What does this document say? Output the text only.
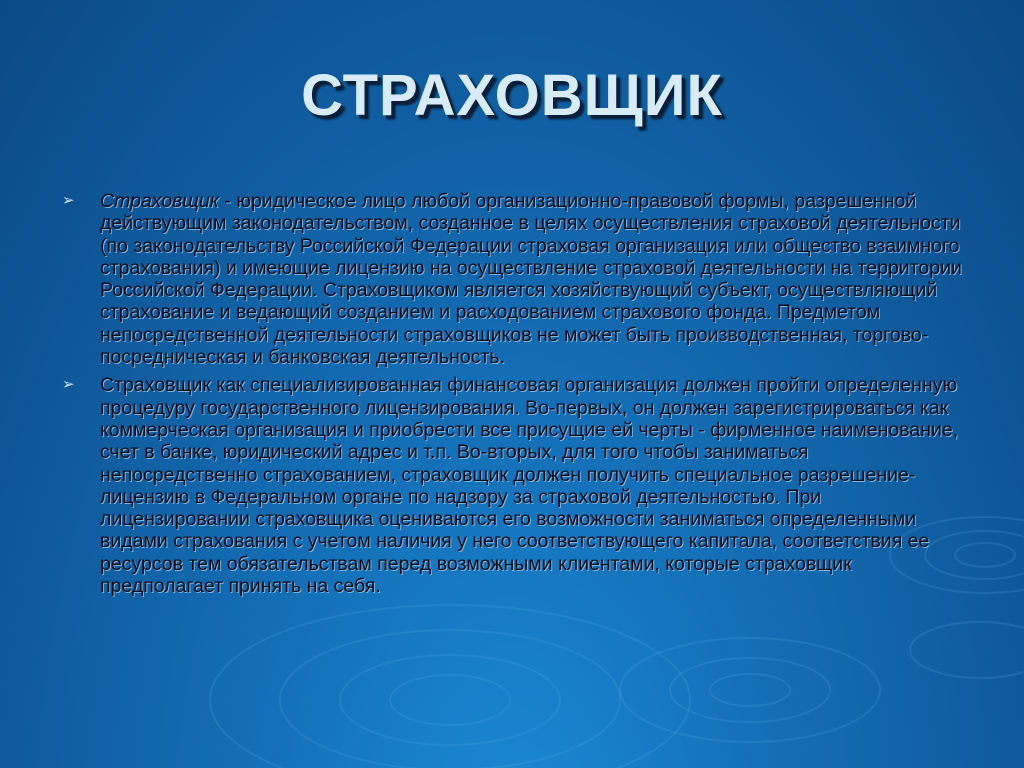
СТРАХОВЩИК
➢	Страховщик - юридическое лицо любой организационно-правовой формы, разрешенной действующим законодательством, созданное в целях осуществления страховой деятельности (по законодательству Российской Федерации страховая организация или общество взаимного страхования) и имеющие лицензию на осуществление страховой деятельности на территории Российской Федерации. Страховщиком является хозяйствующий субъект, осуществляющий страхование и ведающий созданием и расходованием страхового фонда. Предметом непосредственной деятельности страховщиков не может быть производственная, торгово-посредническая и банковская деятельность.
➢	Страховщик как специализированная финансовая организация должен пройти определенную процедуру государственного лицензирования. Во-первых, он должен зарегистрироваться как коммерческая организация и приобрести все присущие ей черты - фирменное наименование, счет в банке, юридический адрес и т.п. Во-вторых, для того чтобы заниматься непосредственно страхованием, страховщик должен получить специальное разрешение-лицензию в Федеральном органе по надзору за страховой деятельностью. При лицензировании страховщика оцениваются его возможности заниматься определенными видами страхования с учетом наличия у него соответствующего капитала, соответствия ее ресурсов тем обязательствам перед возможными клиентами, которые страховщик предполагает принять на себя.
